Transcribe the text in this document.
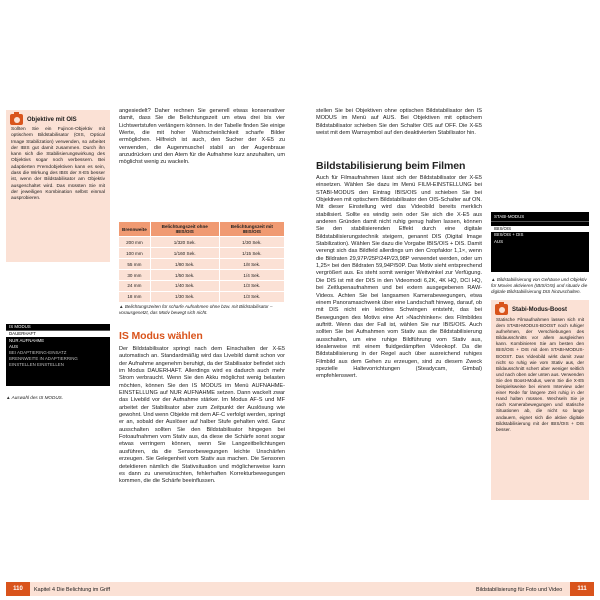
Objektive mit OIS
Sollten Sie ein Fujinon-Objektiv mit optischem Bildstabilisator (OIS, Optical Image Stabilization) verwenden, so arbeitet der IBIS gut damit zusammen. Durch ihn kann sich die Stabilisierungswirkung des Objektivs sogar noch verbessern. Bei adaptierten Fremdobjektiven kann es sein, dass die Wirkung des IBIS der X-E5 besser ist, wenn der Bildstabilisator am Objektiv ausgeschaltet wird. Das müssten Sie mit der jeweiligen Kombination selbst einmal ausprobieren.
IS MODUS
DAUERHAFT
NUR AUFNAHME
AUS
BEI ADAPTIERING-EINSATZ
BRENNWEITE IN ADAPTIERRING
EINSTELLEN EINSTELLEN
▲ Auswahl des IS MODUS.

angesiedelt? Daher rechnen Sie generell etwas konservativer damit, dass Sie die Belichtungszeit um etwa drei bis vier Lichtwertstufen verlängern können. In der Tabelle finden Sie einige Werte, die mit hoher Wahrscheinlichkeit scharfe Bilder ermöglichen. Hilfreich ist auch, den Sucher der X-E5 zu verwenden, die Augenmuschel stabil an der Augenbraue anzudrücken und den Atem für die Aufnahme kurz anzuhalten, um möglichst wenig zu wackeln.

Brennweite	Belichtungszeit ohne IBIS/OIS	Belichtungszeit mit IBIS/OIS
200 mm	1/320 Sek.	1/30 Sek.
100 mm	1/160 Sek.	1/15 Sek.
55 mm	1/80 Sek.	1/8 Sek.
30 mm	1/50 Sek.	1/4 Sek.
24 mm	1/40 Sek.	1/3 Sek.
18 mm	1/30 Sek.	1/3 Sek.
▲ Belichtungszeiten für scharfe Aufnahmen ohne bzw. mit Bildstabilisator – vorausgesetzt, das Motiv bewegt sich nicht.
IS Modus wählen

Der Bildstabilisator springt nach dem Einschalten der X-E5 automatisch an. Standardmäßig wird das Livebild damit schon vor der Aufnahme angenehm beruhigt, da der Stabilisator befindet sich im Modus DAUERHAFT. Allerdings wird es dadurch auch mehr Strom verbraucht. Wenn Sie den Akku möglichst wenig belasten möchten, können Sie den IS MODUS im Menü AUFNAHME-EINSTELLUNG auf NUR AUFNAHME setzen. Dann wackelt zwar das Livebild vor der Aufnahme stärker. Im Modus AF-S und MF arbeitet der Stabilisator aber zum Zeitpunkt der Auslösung wie gewohnt. Und wenn Objekte mit dem AF-C verfolgt werden, springt er an, sobald der Auslöser auf halber Stufe gehalten wird. Ganz ausschalten sollten Sie den Bildstabilisator hingegen bei Fotoaufnahmen vom Stativ aus, da diese die Schärfe sonst sogar etwas verringern können, wenn Sie Langzeitbelichtungen ausführen, da die Sensorbewegungen leichte Unschärfen erzeugen. Sie Gelegenheit vom Stativ aus machen. Die Sensoren detektieren nämlich die Stativsituation und möglicherweise kann es dann zu unerwünschten, fehlerhaften Korrekturbewegungen kommen, die die Schärfe beeinflussen.

stellen Sie bei Objektiven ohne optischen Bildstabilisator den IS MODUS im Menü auf AUS. Bei Objektiven mit optischem Bildstabilisator schieben Sie den Schalter OIS auf OFF. Die X-E5 weist mit dem Warnsymbol auf den deaktivierten Stabilisator hin.

Bildstabilisierung beim Filmen

Auch für Filmaufnahmen lässt sich der Bildstabilisator der X-E5 einsetzen. Wählen Sie dazu im Menü FILM-EINSTELLUNG bei STABI-MODUS den Eintrag IBIS/OIS und schieben Sie bei Objektiven mit optischem Bildstabilisator den OIS-Schalter auf ON. Mit dieser Einstellung wird das Videobild bereits merklich stabilisiert. Sollte es windig sein oder Sie sich die X-E5 aus anderen Gründen damit nicht ruhig genug halten lassen, können Sie den stabilisierenden Effekt durch eine digitale Bildstabilisierungstechnik steigern, genannt DIS (Digital Image Stabilization). Wählen Sie dazu die Vorgabe IBIS/OIS + DIS. Damit verengt sich das Bildfeld allerdings um den Cropfaktor 1,1×, wenn die Bildraten 29,97P/25P/24P/23,98P verwendet werden, oder um 1,25× bei den Bildraten 59,94P/50P. Das Motiv sieht entsprechend vergrößert aus. Es steht somit weniger Weitwinkel zur Verfügung. Die DIS ist mit der DIS in den Videomodi 6,2K, 4K HQ, DCI HQ, bei Zeitlupenaufnahmen und bei extern ausgegebenen RAW-Videos. Achten Sie bei langsamen Kamerabewegungen, etwa einem Panoramaschwenk über eine Landschaft hinweg, darauf, ob mit DIS nicht ein leichtes Schwingen entsteht, das bei Bewegungen des Motivs eine Art »Nachhinken« des Filmbildes auftritt. Wenn das der Fall ist, wählen Sie nur IBIS/OIS. Auch sollten Sie bei Aufnahmen vom Stativ aus die Bildstabilisierung ausschalten, um eine ruhige Bildführung vom Stativ aus, idealerweise mit einem fluidgedämpften Videokopf. Da die Bildstabilisierung in der Regel auch über ausreichend ruhiges Filmbild aus dem Gehen zu erzeugen, sind zu diesem Zweck spezielle Haltevorrichtungen (Steadycam, Gimbal) empfehlenswert.

STABI-MODUS
IBIS/OIS
IBIS/OIS + DIS
AUS
▲ Bildstabilisierung von Gehäuse und Objektiv für Movies aktivieren (IBIS/OIS) und situativ die digitale Bildstabilisierung DIS hinzuschalten.
Stabi-Modus-Boost
Statische Filmaufnahmen lassen sich mit dem STABI-MODUS-BOOST noch ruhiger aufnehmen, der Verschiebungen des Bildausschnitts vor allem ausgleichen kann. Kombinieren Sie am besten den IBIS/OIS + DIS mit dem STABI-MODUS-BOOST. Das Videobild wirkt damit zwar nicht so ruhig wie vom Stativ aus, der Bildausschnitt schert aber weniger seitlich und nach oben oder unten aus. Verwenden Sie den Boost-Modus, wenn Sie die X-E5 beispielsweise bei einem Interview oder einer Rede für längere Zeit ruhig in der Hand halten müssen. Wechseln Sie je nach Kamerabewegungen und statische Situationen ab, die nicht so lange andauern, eignet sich die aktive digitale Bildstabilisierung mit der IBIS/OIS + DIS besser.
110	Kapitel 4 Die Belichtung im Griff	111
Bildstabilisierung für Foto und Video
